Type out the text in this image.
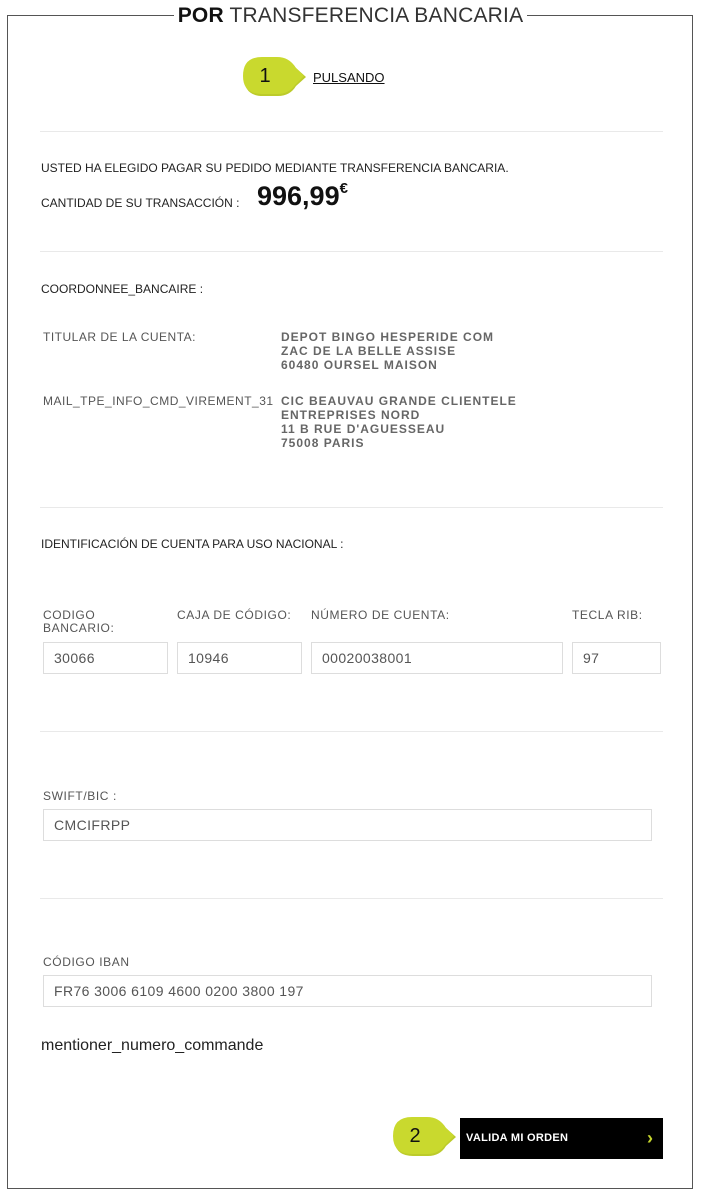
POR TRANSFERENCIA BANCARIA
1	PULSANDO
USTED HA ELEGIDO PAGAR SU PEDIDO MEDIANTE TRANSFERENCIA BANCARIA.
CANTIDAD DE SU TRANSACCIÓN : 996,99€
COORDONNEE_BANCAIRE :
TITULAR DE LA CUENTA:	DEPOT BINGO HESPERIDE COM
ZAC DE LA BELLE ASSISE
60480 OURSEL MAISON
MAIL_TPE_INFO_CMD_VIREMENT_31 CIC BEAUVAU GRANDE CLIENTELE
ENTREPRISES NORD
11 B RUE D'AGUESSEAU
75008 PARIS
IDENTIFICACIÓN DE CUENTA PARA USO NACIONAL :
CODIGO BANCARIO:
30066
CAJA DE CÓDIGO:
10946
NÚMERO DE CUENTA:
00020038001
TECLA RIB:
97
SWIFT/BIC :
CMCIFRPP
CÓDIGO IBAN
FR76 3006 6109 4600 0200 3800 197
mentioner_numero_commande
2	VALIDA MI ORDEN	›
